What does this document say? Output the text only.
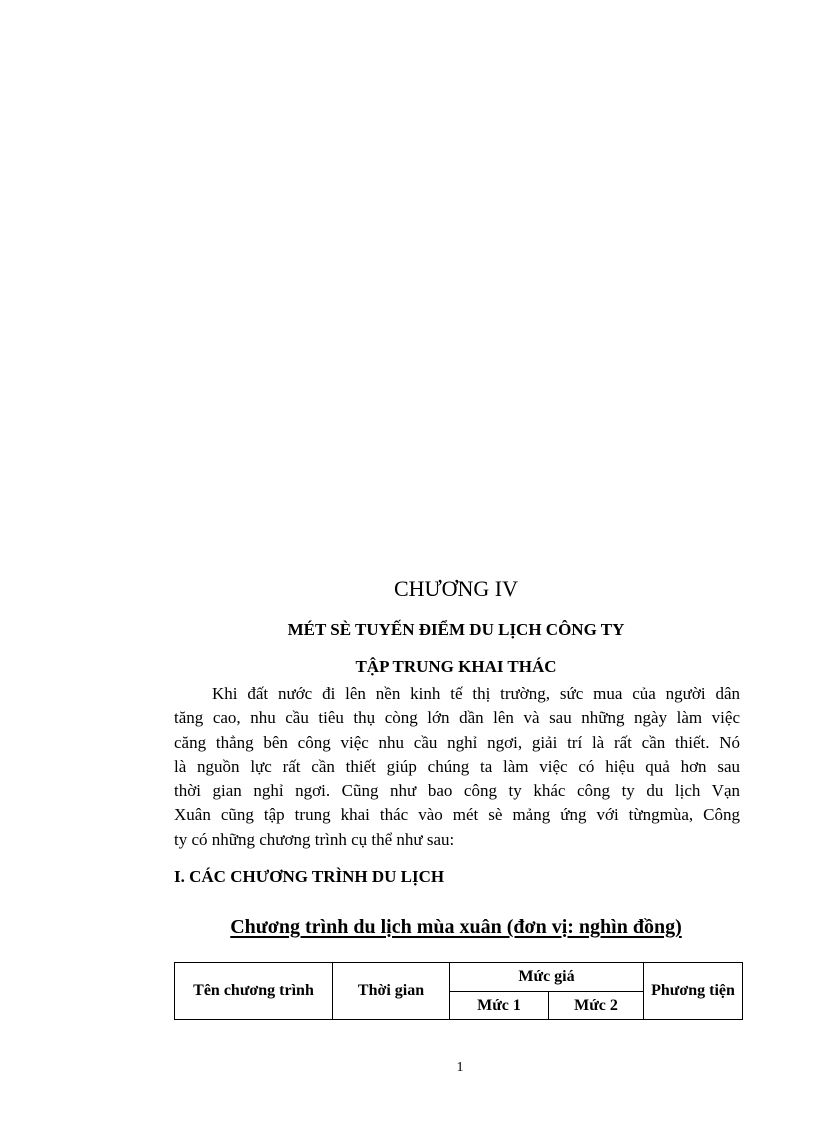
CHƯƠNG IV
MÉT SÈ TUYẾN ĐIỂM DU LỊCH CÔNG TY
TẬP TRUNG KHAI THÁC

Khi đất nước đi lên nền kinh tế thị trường, sức mua của người dân
tăng cao, nhu cầu tiêu thụ còng lớn dần lên và sau những ngày làm việc
căng thẳng bên công việc nhu cầu nghỉ ngơi, giải trí là rất cần thiết. Nó
là nguồn lực rất cần thiết giúp chúng ta làm việc có hiệu quả hơn sau
thời gian nghỉ ngơi. Cũng như bao công ty khác công ty du lịch Vạn
Xuân cũng tập trung khai thác vào mét sè mảng ứng với từngmùa, Công
ty có những chương trình cụ thể như sau:

I. CÁC CHƯƠNG TRÌNH DU LỊCH
Chương trình du lịch mùa xuân (đơn vị: nghìn đồng)
Tên chương trình	Thời gian	Mức giá		Phương tiện
		Mức 1	Mức 2	
1
